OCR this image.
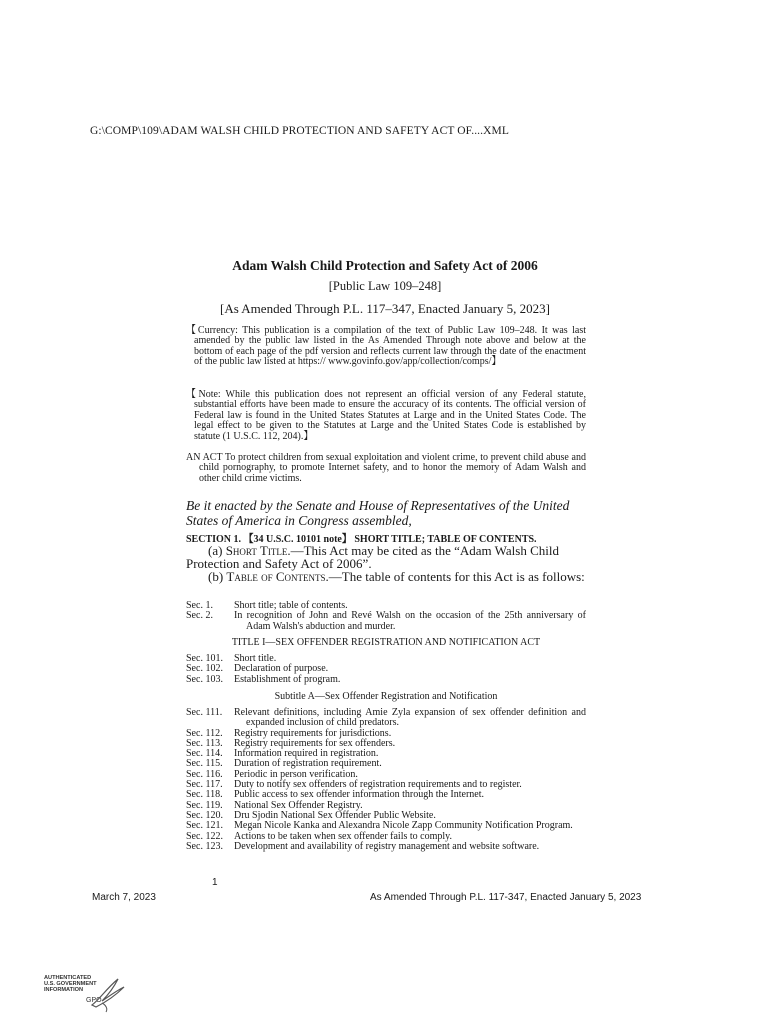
G:\COMP\109\ADAM WALSH CHILD PROTECTION AND SAFETY ACT OF....XML
Adam Walsh Child Protection and Safety Act of 2006
[Public Law 109–248]
[As Amended Through P.L. 117–347, Enacted January 5, 2023]
【Currency: This publication is a compilation of the text of Public Law 109–248. It was last amended by the public law listed in the As Amended Through note above and below at the bottom of each page of the pdf version and reflects current law through the date of the enactment of the public law listed at https:// www.govinfo.gov/app/collection/comps/】
【Note: While this publication does not represent an official version of any Federal statute, substantial efforts have been made to ensure the accuracy of its contents. The official version of Federal law is found in the United States Statutes at Large and in the United States Code. The legal effect to be given to the Statutes at Large and the United States Code is established by statute (1 U.S.C. 112, 204).】
AN ACT To protect children from sexual exploitation and violent crime, to prevent child abuse and child pornography, to promote Internet safety, and to honor the memory of Adam Walsh and other child crime victims.
Be it enacted by the Senate and House of Representatives of the United States of America in Congress assembled,
SECTION 1. 【34 U.S.C. 10101 note】 SHORT TITLE; TABLE OF CONTENTS.
(a) Short Title.—This Act may be cited as the “Adam Walsh Child Protection and Safety Act of 2006”.
(b) Table of Contents.—The table of contents for this Act is as follows:
Sec. 1.	Short title; table of contents.
Sec. 2.	In recognition of John and Revé Walsh on the occasion of the 25th anniversary of Adam Walsh's abduction and murder.
TITLE I—SEX OFFENDER REGISTRATION AND NOTIFICATION ACT
Sec. 101.	Short title.
Sec. 102.	Declaration of purpose.
Sec. 103.	Establishment of program.
Subtitle A—Sex Offender Registration and Notification
Sec. 111.	Relevant definitions, including Amie Zyla expansion of sex offender definition and expanded inclusion of child predators.
Sec. 112.	Registry requirements for jurisdictions.
Sec. 113.	Registry requirements for sex offenders.
Sec. 114.	Information required in registration.
Sec. 115.	Duration of registration requirement.
Sec. 116.	Periodic in person verification.
Sec. 117.	Duty to notify sex offenders of registration requirements and to register.
Sec. 118.	Public access to sex offender information through the Internet.
Sec. 119.	National Sex Offender Registry.
Sec. 120.	Dru Sjodin National Sex Offender Public Website.
Sec. 121.	Megan Nicole Kanka and Alexandra Nicole Zapp Community Notification Program.
Sec. 122.	Actions to be taken when sex offender fails to comply.
Sec. 123.	Development and availability of registry management and website software.
1
March 7, 2023	As Amended Through P.L. 117-347, Enacted January 5, 2023
AUTHENTICATED
U.S. GOVERNMENT
INFORMATION
GPO
